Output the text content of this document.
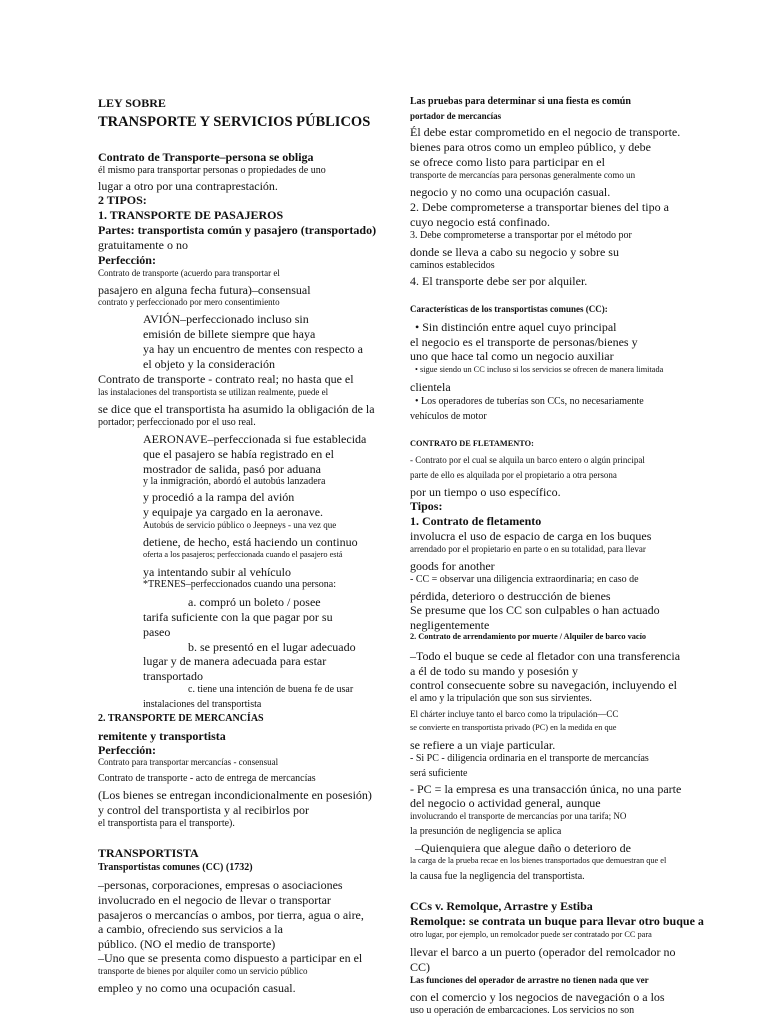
LEY SOBRE
TRANSPORTE Y SERVICIOS PÚBLICOS
Contrato de Transporte–persona se obliga
él mismo para transportar personas o propiedades de uno
lugar a otro por una contraprestación.
2 TIPOS:
1. TRANSPORTE DE PASAJEROS
Partes: transportista común y pasajero (transportado)
gratuitamente o no
Perfección:
Contrato de transporte (acuerdo para transportar el
pasajero en alguna fecha futura)–consensual
contrato y perfeccionado por mero consentimiento
AVIÓN–perfeccionado incluso sin
emisión de billete siempre que haya
ya hay un encuentro de mentes con respecto a
el objeto y la consideración
Contrato de transporte - contrato real; no hasta que el
las instalaciones del transportista se utilizan realmente, puede el
se dice que el transportista ha asumido la obligación de la
portador; perfeccionado por el uso real.
AERONAVE–perfeccionada si fue establecida
que el pasajero se había registrado en el
mostrador de salida, pasó por aduana
y la inmigración, abordó el autobús lanzadera
y procedió a la rampa del avión
y equipaje ya cargado en la aeronave.
Autobús de servicio público o Jeepneys - una vez que
detiene, de hecho, está haciendo un continuo
oferta a los pasajeros; perfeccionada cuando el pasajero está
ya intentando subir al vehículo
*TRENES–perfeccionados cuando una persona:
a. compró un boleto / posee
tarifa suficiente con la que pagar por su
paseo
b. se presentó en el lugar adecuado
lugar y de manera adecuada para estar
transportado
c. tiene una intención de buena fe de usar
instalaciones del transportista
2. TRANSPORTE DE MERCANCÍAS
remitente y transportista
Perfección:
Contrato para transportar mercancías - consensual
Contrato de transporte - acto de entrega de mercancías
(Los bienes se entregan incondicionalmente en posesión)
y control del transportista y al recibirlos por
el transportista para el transporte).
TRANSPORTISTA
Transportistas comunes (CC) (1732)
–personas, corporaciones, empresas o asociaciones
involucrado en el negocio de llevar o transportar
pasajeros o mercancías o ambos, por tierra, agua o aire,
a cambio, ofreciendo sus servicios a la
público. (NO el medio de transporte)
–Uno que se presenta como dispuesto a participar en el
transporte de bienes por alquiler como un servicio público
empleo y no como una ocupación casual.
Las pruebas para determinar si una fiesta es común
portador de mercancías
Él debe estar comprometido en el negocio de transporte.
bienes para otros como un empleo público, y debe
se ofrece como listo para participar en el
transporte de mercancías para personas generalmente como un
negocio y no como una ocupación casual.
2. Debe comprometerse a transportar bienes del tipo a
cuyo negocio está confinado.
3. Debe comprometerse a transportar por el método por
donde se lleva a cabo su negocio y sobre su
caminos establecidos
4. El transporte debe ser por alquiler.
Características de los transportistas comunes (CC):
• Sin distinción entre aquel cuyo principal
el negocio es el transporte de personas/bienes y
uno que hace tal como un negocio auxiliar
• sigue siendo un CC incluso si los servicios se ofrecen de manera limitada
clientela
• Los operadores de tuberías son CCs, no necesariamente
vehículos de motor
CONTRATO DE FLETAMENTO:
- Contrato por el cual se alquila un barco entero o algún principal
parte de ello es alquilada por el propietario a otra persona
por un tiempo o uso específico.
Tipos:
1. Contrato de fletamento
involucra el uso de espacio de carga en los buques
arrendado por el propietario en parte o en su totalidad, para llevar
goods for another
- CC = observar una diligencia extraordinaria; en caso de
pérdida, deterioro o destrucción de bienes
Se presume que los CC son culpables o han actuado
negligentemente
2. Contrato de arrendamiento por muerte / Alquiler de barco vacío
–Todo el buque se cede al fletador con una transferencia
a él de todo su mando y posesión y
control consecuente sobre su navegación, incluyendo el
el amo y la tripulación que son sus sirvientes.
El chárter incluye tanto el barco como la tripulación—CC
se convierte en transportista privado (PC) en la medida en que
se refiere a un viaje particular.
- Si PC - diligencia ordinaria en el transporte de mercancías
será suficiente
- PC = la empresa es una transacción única, no una parte
del negocio o actividad general, aunque
involucrando el transporte de mercancías por una tarifa; NO
la presunción de negligencia se aplica
–Quienquiera que alegue daño o deterioro de
la carga de la prueba recae en los bienes transportados que demuestran que el
la causa fue la negligencia del transportista.
CCs v. Remolque, Arrastre y Estiba
Remolque: se contrata un buque para llevar otro buque a
otro lugar, por ejemplo, un remolcador puede ser contratado por CC para
llevar el barco a un puerto (operador del remolcador no
CC)
Las funciones del operador de arrastre no tienen nada que ver
con el comercio y los negocios de navegación o a los
uso u operación de embarcaciones. Los servicios no son
